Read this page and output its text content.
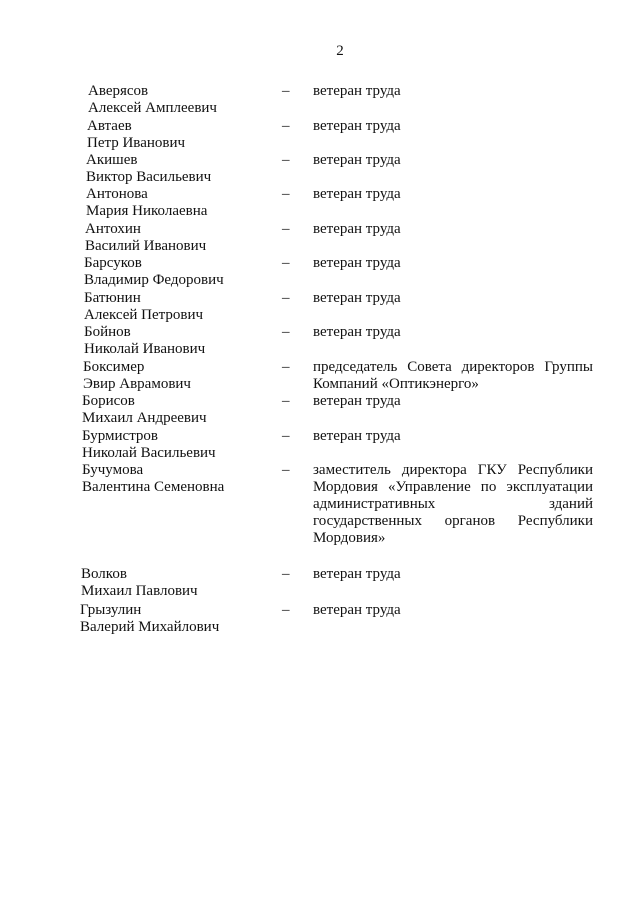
2
Аверясов
Алексей Амплеевич
– ветеран труда
Автаев
Петр Иванович
– ветеран труда
Акишев
Виктор Васильевич
– ветеран труда
Антонова
Мария Николаевна
– ветеран труда
Антохин
Василий Иванович
– ветеран труда
Барсуков
Владимир Федорович
– ветеран труда
Батюнин
Алексей Петрович
– ветеран труда
Бойнов
Николай Иванович
– ветеран труда
Боксимер
Эвир Аврамович
– председатель Совета директоров Группы
Компаний «Оптикэнерго»
Борисов
Михаил Андреевич
– ветеран труда
Бурмистров
Николай Васильевич
– ветеран труда
Бучумова
Валентина Семеновна
– заместитель директора ГКУ Республики
Мордовия «Управление по эксплуатации
административных зданий
государственных органов Республики
Мордовия»
Волков
Михаил Павлович
– ветеран труда
Грызулин
Валерий Михайлович
– ветеран труда
